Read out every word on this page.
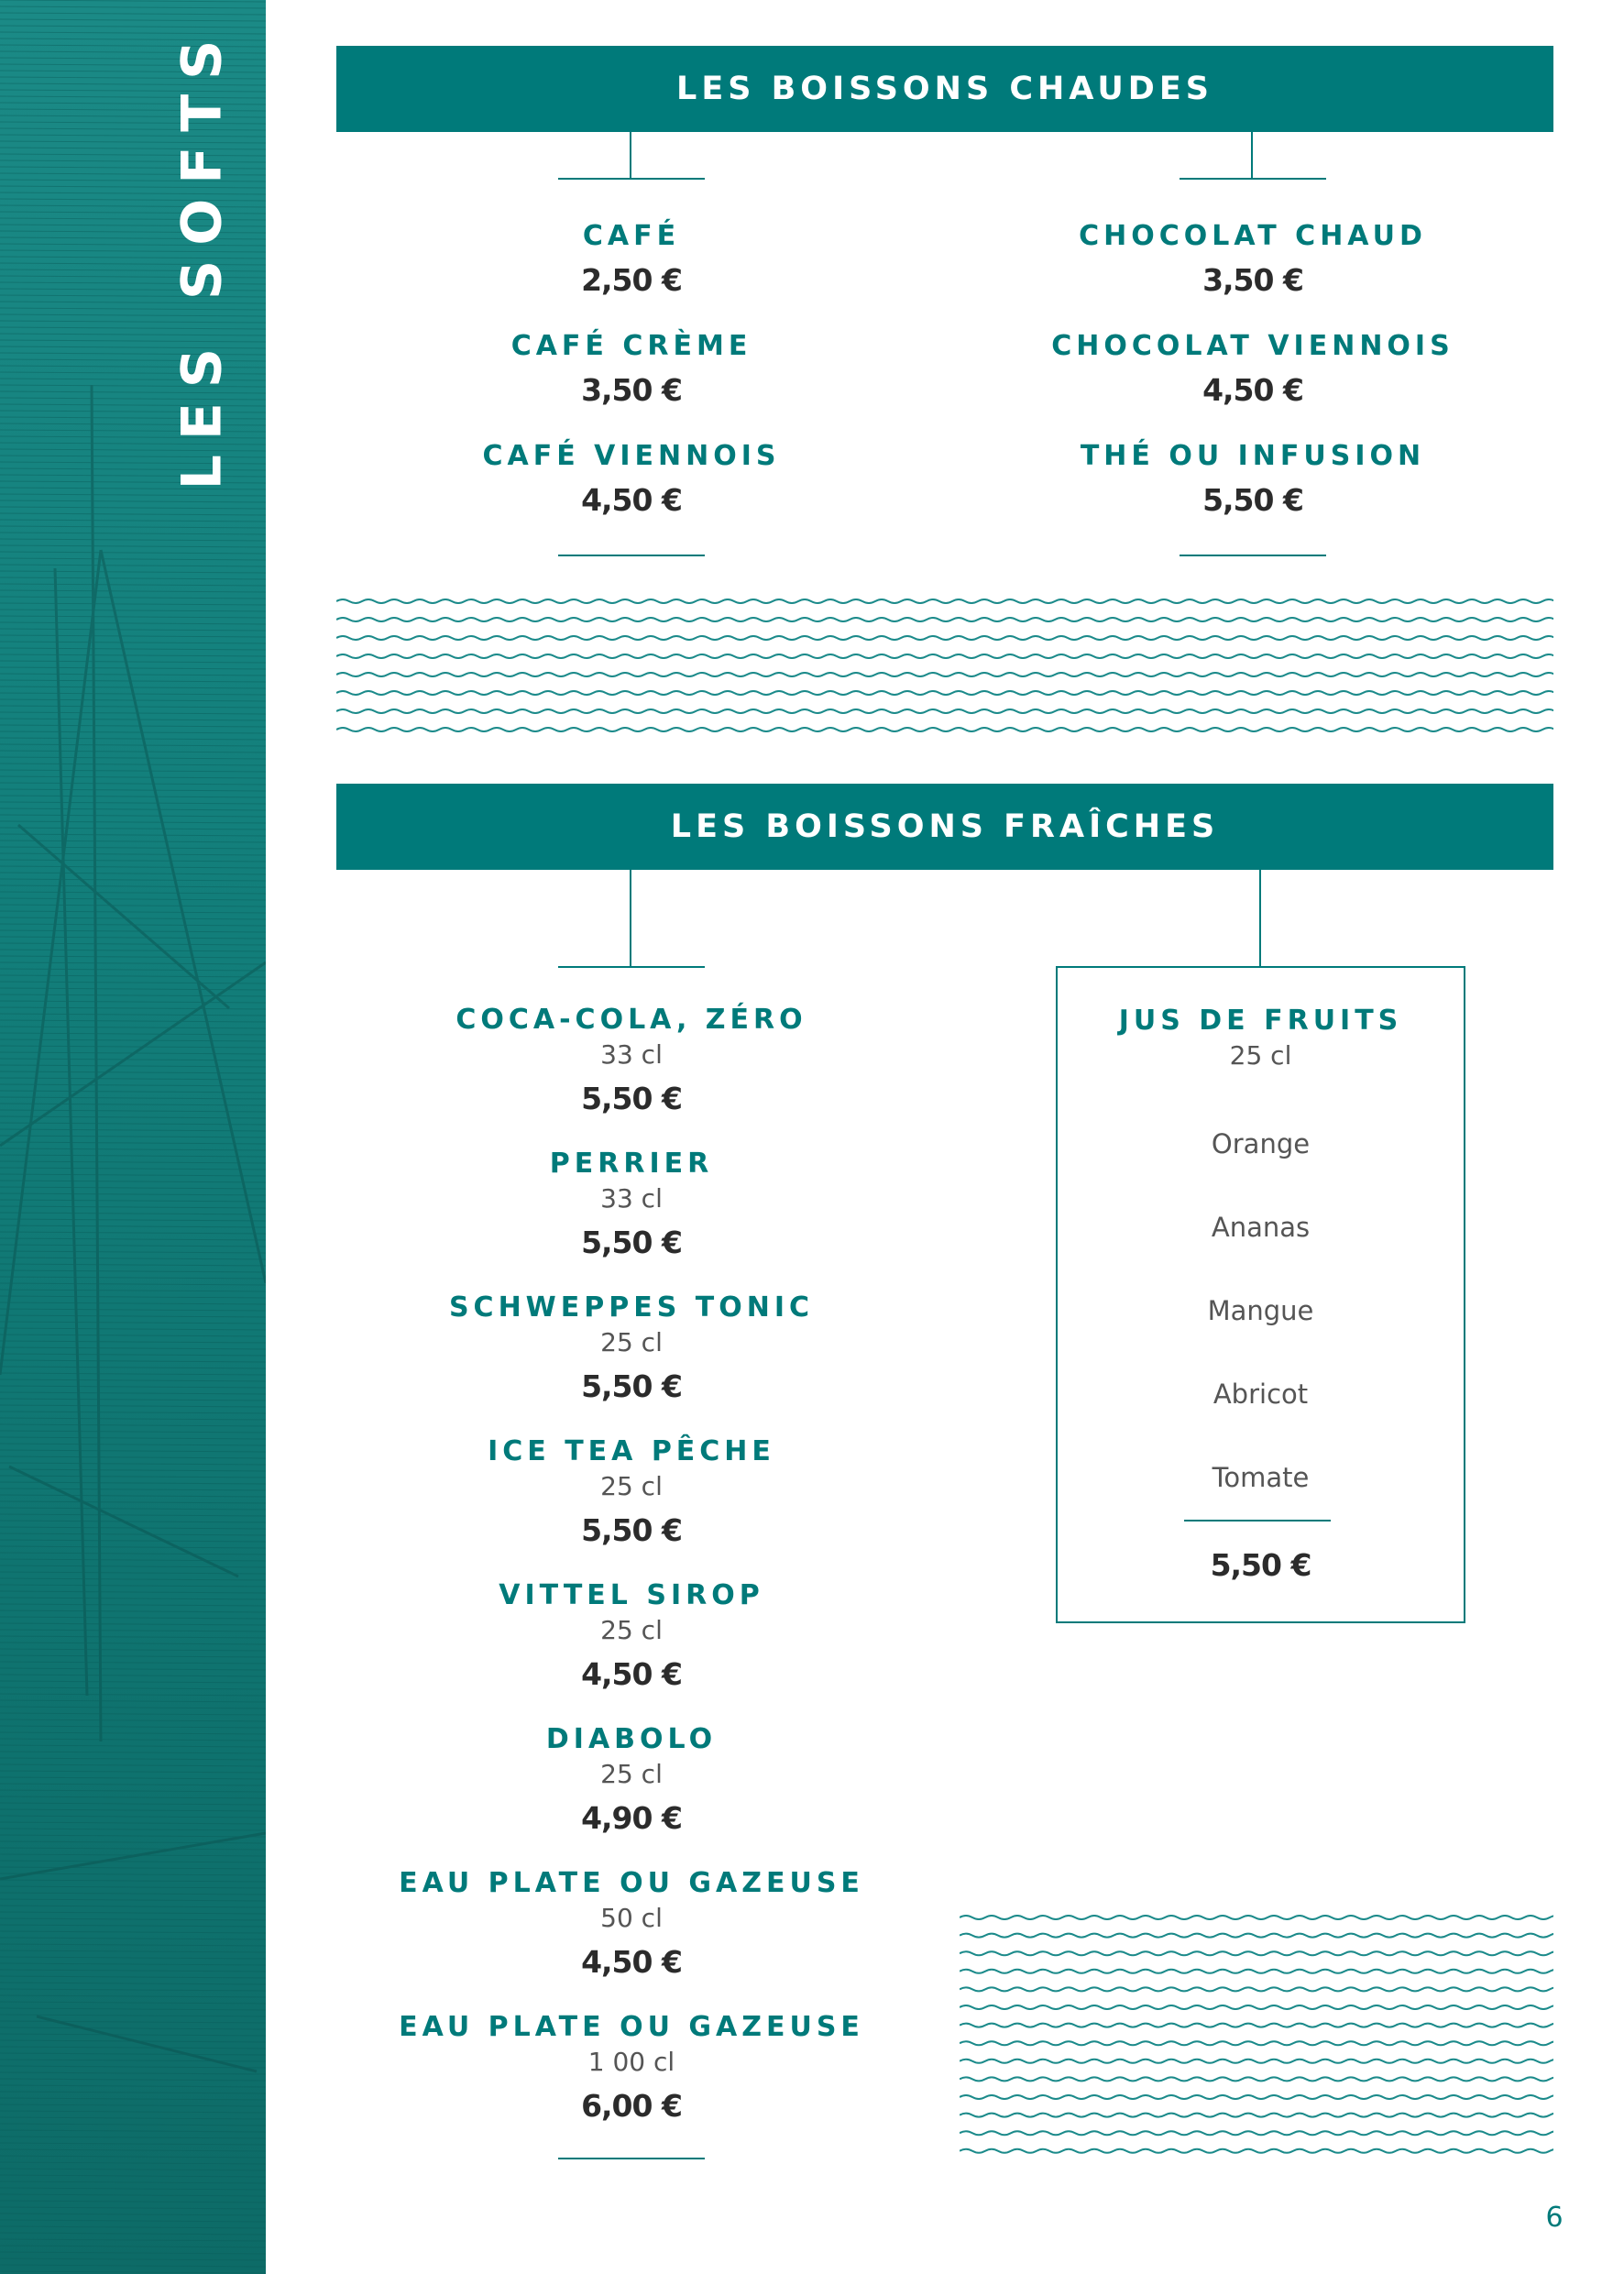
LES SOFTS	LES BOISSONS CHAUDES
CAFÉ
2,50 €
CAFÉ CRÈME
3,50 €
CAFÉ VIENNOIS
4,50 €
CHOCOLAT CHAUD
3,50 €
CHOCOLAT VIENNOIS
4,50 €
THÉ OU INFUSION
5,50 €
LES BOISSONS FRAÎCHES
COCA-COLA, ZÉRO
33 cl
5,50 €
PERRIER
33 cl
5,50 €
SCHWEPPES TONIC
25 cl
5,50 €
ICE TEA PÊCHE
25 cl
5,50 €
VITTEL SIROP
25 cl
4,50 €
DIABOLO
25 cl
4,90 €
EAU PLATE OU GAZEUSE
50 cl
4,50 €
EAU PLATE OU GAZEUSE
1 00 cl
6,00 €
JUS DE FRUITS
25 cl
Orange
Ananas
Mangue
Abricot
Tomate
5,50 €
6
